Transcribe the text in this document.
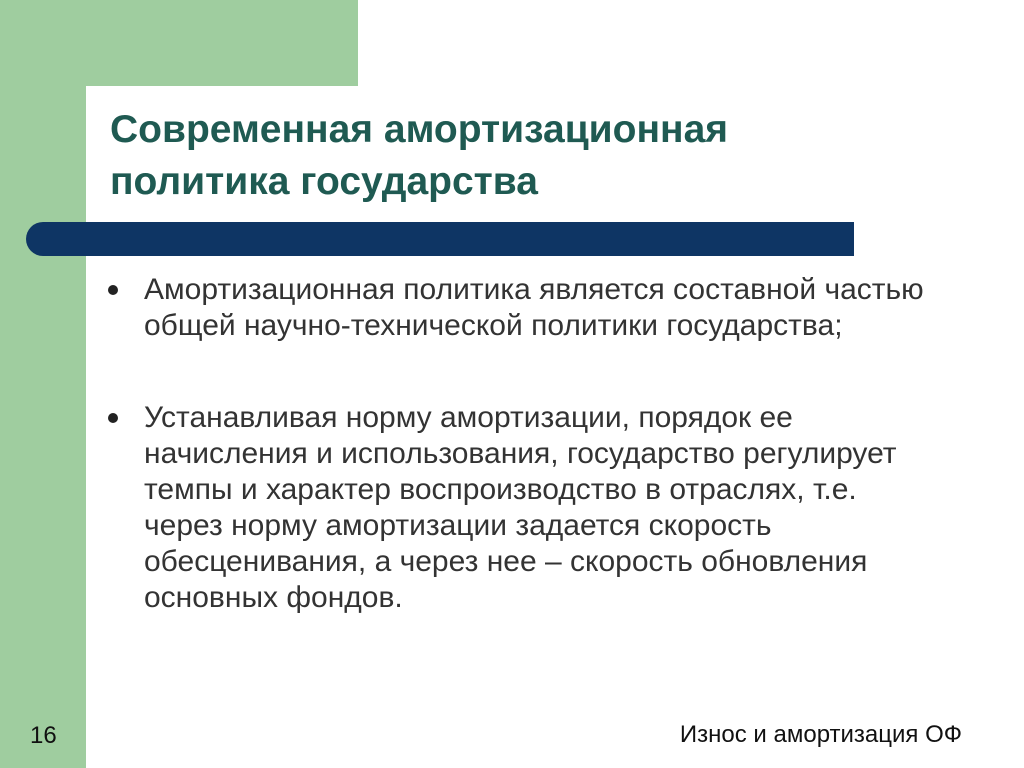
Современная амортизационная политика государства
Амортизационная политика является составной частью общей научно-технической политики государства;
Устанавливая норму амортизации, порядок ее начисления и использования, государство регулирует темпы и характер воспроизводство в отраслях, т.е. через норму амортизации задается скорость обесценивания, а через нее – скорость обновления основных фондов.
16	Износ и амортизация ОФ
